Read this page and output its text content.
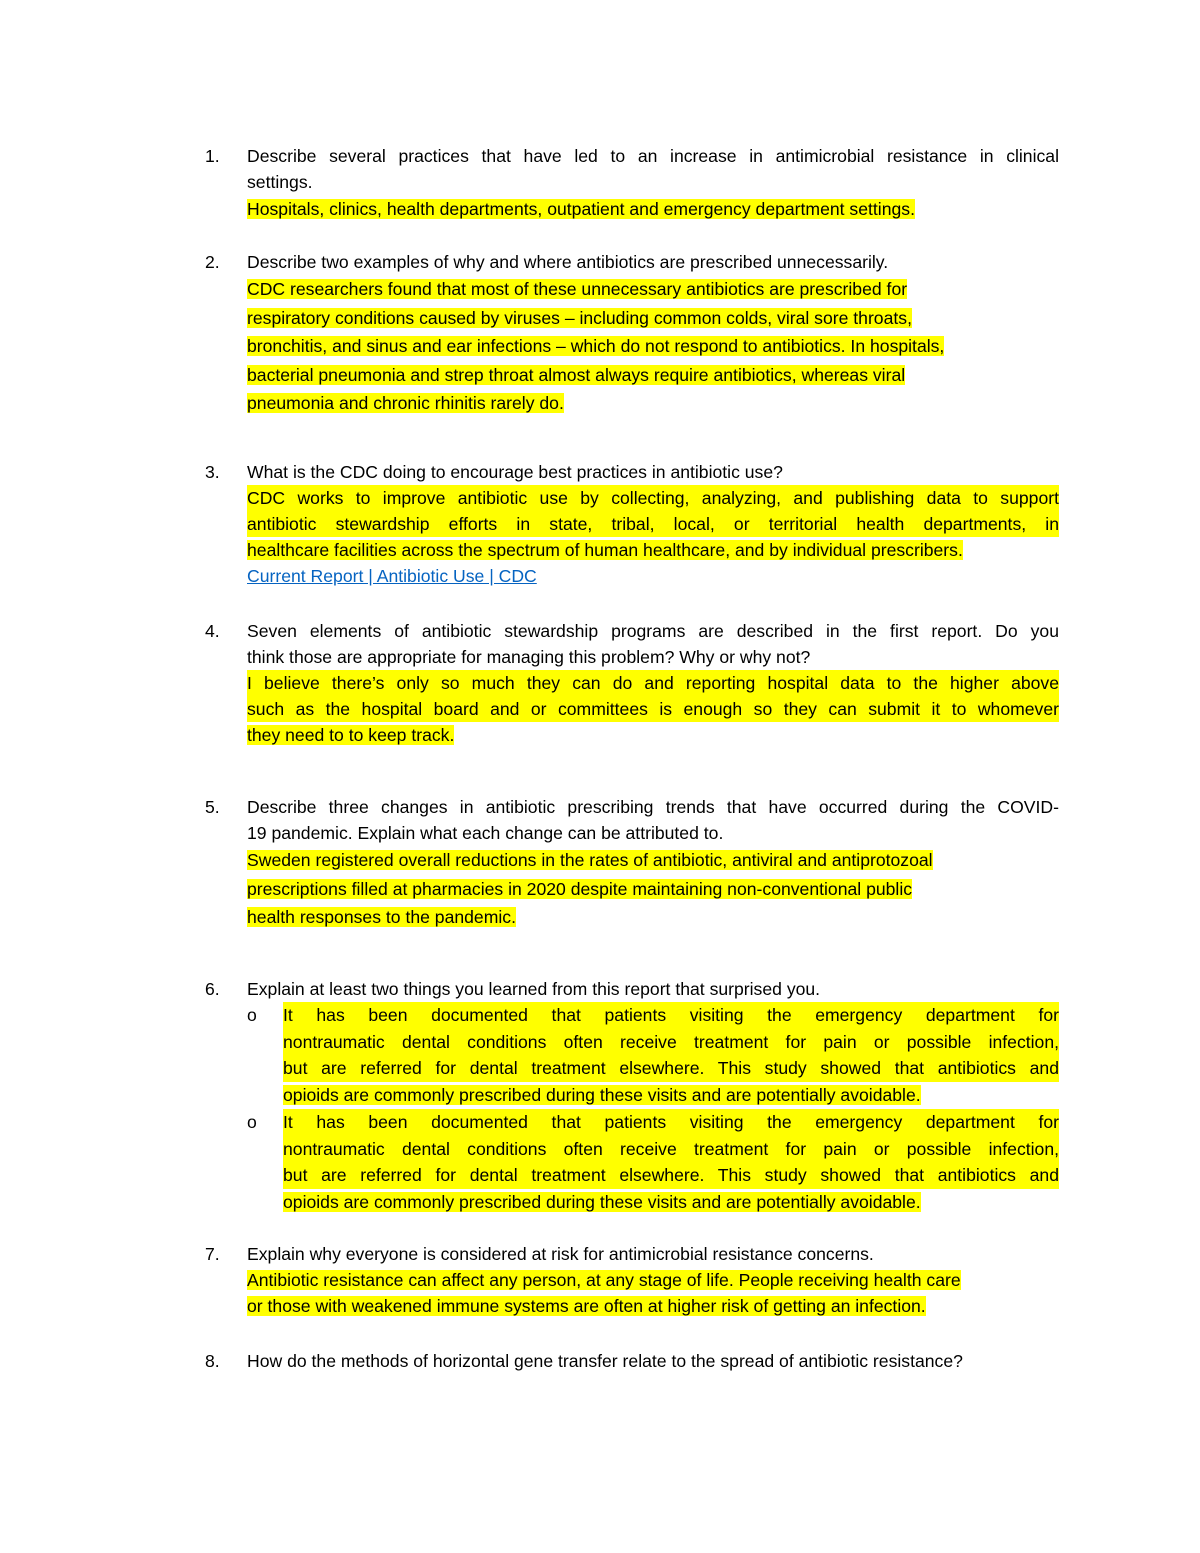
1.	Describe several practices that have led to an increase in antimicrobial resistance in clinical
settings.
Hospitals, clinics, health departments, outpatient and emergency department settings.
2.	Describe two examples of why and where antibiotics are prescribed unnecessarily.
CDC researchers found that most of these unnecessary antibiotics are prescribed for
respiratory conditions caused by viruses – including common colds, viral sore throats,
bronchitis, and sinus and ear infections – which do not respond to antibiotics. In hospitals,
bacterial pneumonia and strep throat almost always require antibiotics, whereas viral
pneumonia and chronic rhinitis rarely do.
3.	What is the CDC doing to encourage best practices in antibiotic use?
CDC works to improve antibiotic use by collecting, analyzing, and publishing data to support
antibiotic stewardship efforts in state, tribal, local, or territorial health departments, in
healthcare facilities across the spectrum of human healthcare, and by individual prescribers.
Current Report | Antibiotic Use | CDC
4.	Seven elements of antibiotic stewardship programs are described in the first report. Do you
think those are appropriate for managing this problem? Why or why not?
I believe there’s only so much they can do and reporting hospital data to the higher above
such as the hospital board and or committees is enough so they can submit it to whomever
they need to to keep track.
5.	Describe three changes in antibiotic prescribing trends that have occurred during the COVID-
19 pandemic. Explain what each change can be attributed to.
Sweden registered overall reductions in the rates of antibiotic, antiviral and antiprotozoal
prescriptions filled at pharmacies in 2020 despite maintaining non-conventional public
health responses to the pandemic.
6.	Explain at least two things you learned from this report that surprised you.
o	It has been documented that patients visiting the emergency department for
nontraumatic dental conditions often receive treatment for pain or possible infection,
but are referred for dental treatment elsewhere. This study showed that antibiotics and
opioids are commonly prescribed during these visits and are potentially avoidable.
o	It has been documented that patients visiting the emergency department for
nontraumatic dental conditions often receive treatment for pain or possible infection,
but are referred for dental treatment elsewhere. This study showed that antibiotics and
opioids are commonly prescribed during these visits and are potentially avoidable.
7.	Explain why everyone is considered at risk for antimicrobial resistance concerns.
Antibiotic resistance can affect any person, at any stage of life. People receiving health care
or those with weakened immune systems are often at higher risk of getting an infection.
8.	How do the methods of horizontal gene transfer relate to the spread of antibiotic resistance?
